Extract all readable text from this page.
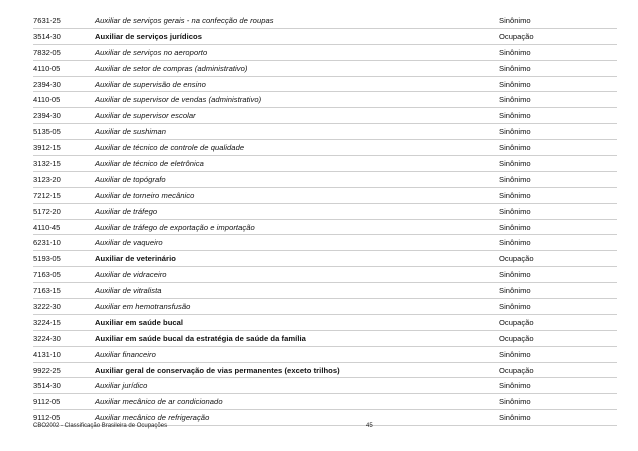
7631-25	Auxiliar de serviços gerais - na confecção de roupas	Sinônimo
3514-30	Auxiliar de serviços jurídicos	Ocupação
7832-05	Auxiliar de serviços no aeroporto	Sinônimo
4110-05	Auxiliar de setor de compras (administrativo)	Sinônimo
2394-30	Auxiliar de supervisão de ensino	Sinônimo
4110-05	Auxiliar de supervisor de vendas (administrativo)	Sinônimo
2394-30	Auxiliar de supervisor escolar	Sinônimo
5135-05	Auxiliar de sushiman	Sinônimo
3912-15	Auxiliar de técnico de controle de qualidade	Sinônimo
3132-15	Auxiliar de técnico de eletrônica	Sinônimo
3123-20	Auxiliar de topógrafo	Sinônimo
7212-15	Auxiliar de torneiro mecânico	Sinônimo
5172-20	Auxiliar de tráfego	Sinônimo
4110-45	Auxiliar de tráfego de exportação e importação	Sinônimo
6231-10	Auxiliar de vaqueiro	Sinônimo
5193-05	Auxiliar de veterinário	Ocupação
7163-05	Auxiliar de vidraceiro	Sinônimo
7163-15	Auxiliar de vitralista	Sinônimo
3222-30	Auxiliar em hemotransfusão	Sinônimo
3224-15	Auxiliar em saúde bucal	Ocupação
3224-30	Auxiliar em saúde bucal da estratégia de saúde da família	Ocupação
4131-10	Auxiliar financeiro	Sinônimo
9922-25	Auxiliar geral de conservação de vias permanentes (exceto trilhos)	Ocupação
3514-30	Auxiliar jurídico	Sinônimo
9112-05	Auxiliar mecânico de ar condicionado	Sinônimo
9112-05	Auxiliar mecânico de refrigeração	Sinônimo
CBO2002 - Classificação Brasileira de Ocupações	45
